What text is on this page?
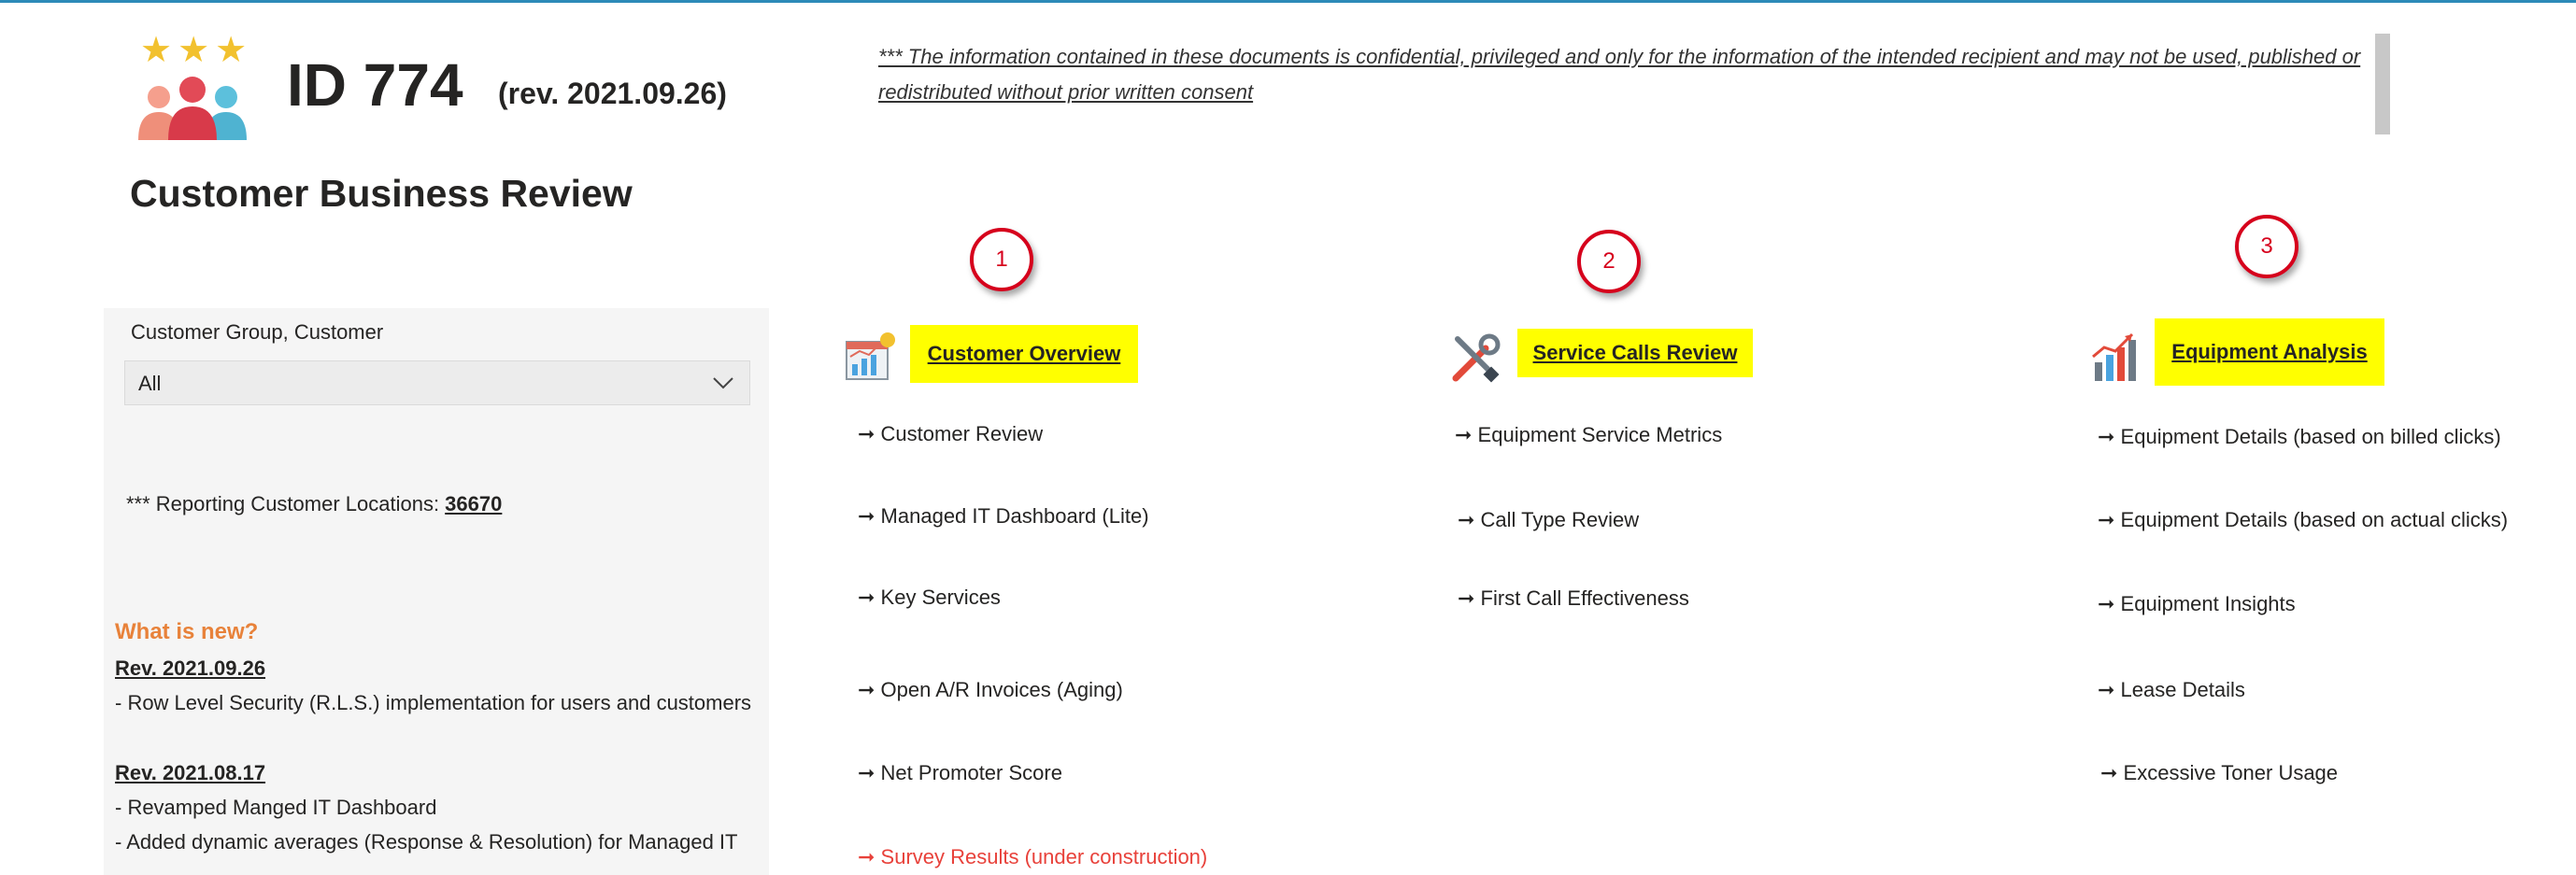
★ ★ ★
ID 774 (rev. 2021.09.26)
Customer Business Review
*** The information contained in these documents is confidential, privileged and only for the information of the intended recipient and may not be used, published or redistributed without prior written consent
Customer Group, Customer
All
*** Reporting Customer Locations: 36670
What is new?
Rev. 2021.09.26
- Row Level Security (R.L.S.) implementation for users and customers
Rev. 2021.08.17
- Revamped Manged IT Dashboard
- Added dynamic averages (Response & Resolution) for Managed IT
1
Customer Overview
➞ Customer Review
➞ Managed IT Dashboard (Lite)
➞ Key Services
➞ Open A/R Invoices (Aging)
➞ Net Promoter Score
➞ Survey Results (under construction)
2
Service Calls Review
➞ Equipment Service Metrics
➞ Call Type Review
➞ First Call Effectiveness
3
Equipment Analysis
➞ Equipment Details (based on billed clicks)
➞ Equipment Details (based on actual clicks)
➞ Equipment Insights
➞ Lease Details
➞ Excessive Toner Usage
